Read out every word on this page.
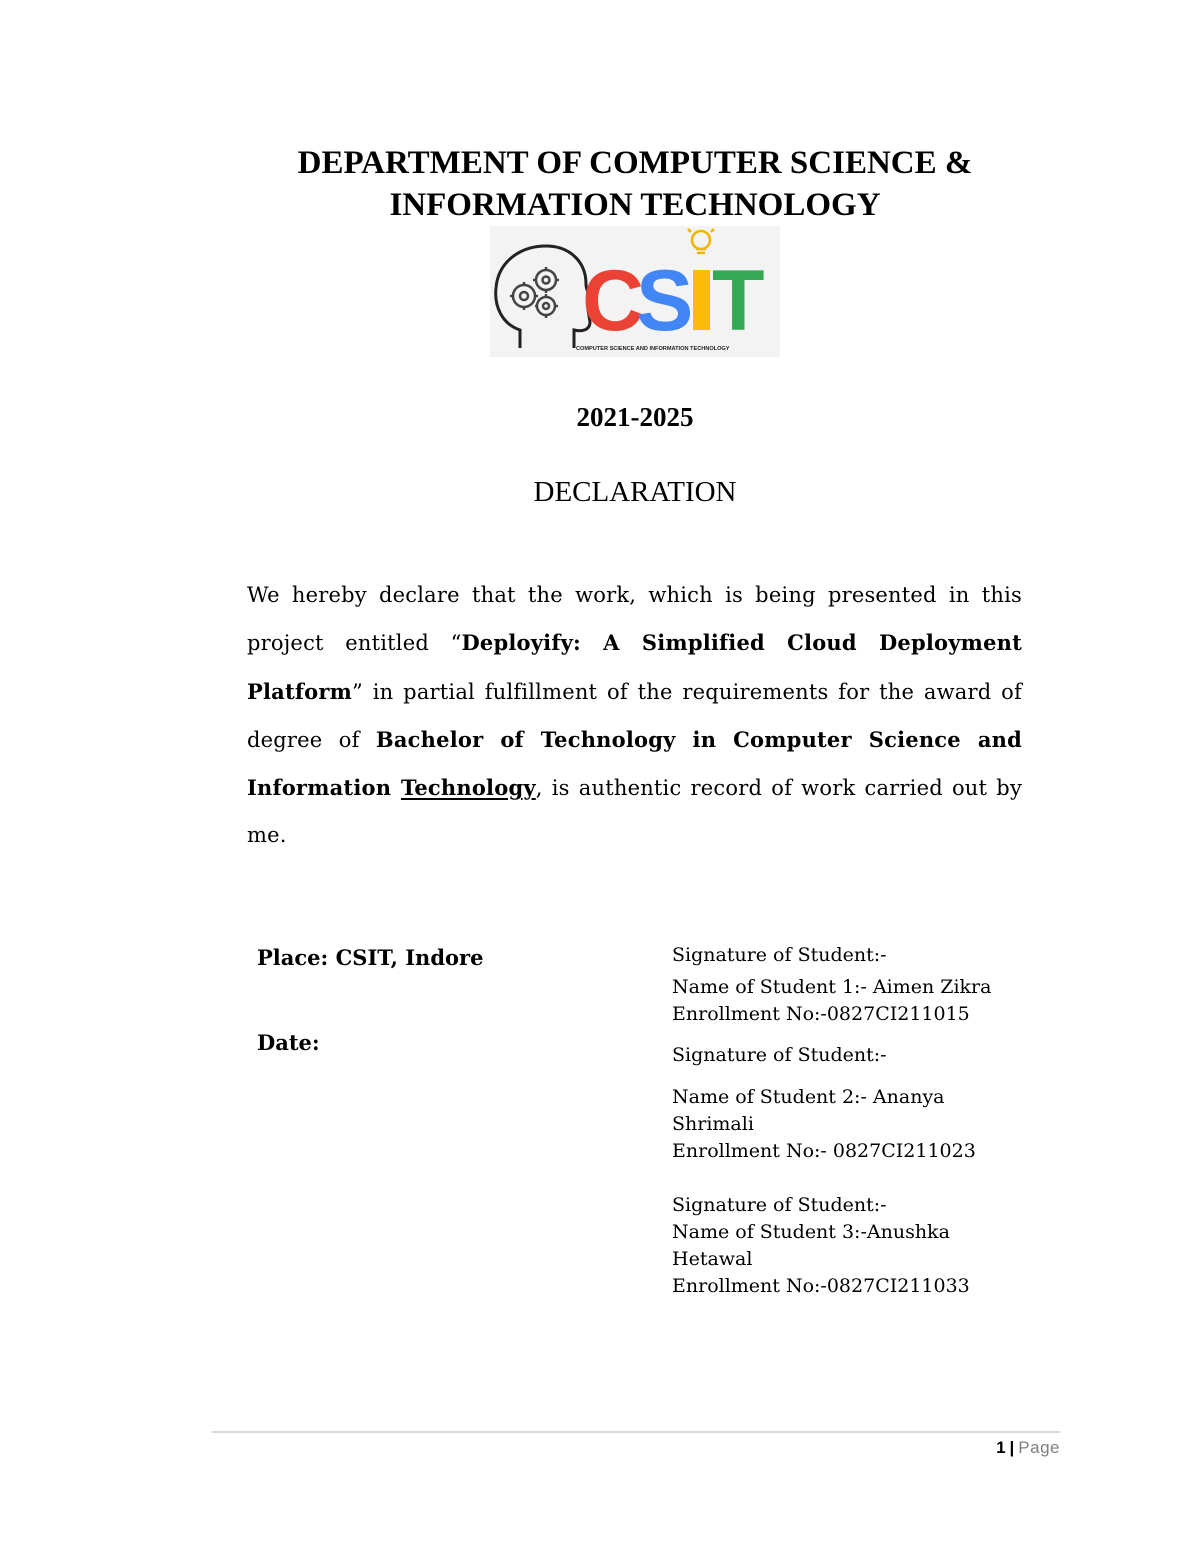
DEPARTMENT OF COMPUTER SCIENCE &
INFORMATION TECHNOLOGY
C
S T
COMPUTER SCIENCE AND INFORMATION TECHNOLOGY
2021-2025
DECLARATION
We hereby declare that the work, which is being presented in this project entitled “Deployify: A Simplified Cloud Deployment Platform” in partial fulfillment of the requirements for the award of degree of Bachelor of Technology in Computer Science and Information Technology, is authentic record of work carried out by me.
Place: CSIT, Indore
Date:
Signature of Student:-
Name of Student 1:- Aimen Zikra
Enrollment No:-0827CI211015
Signature of Student:-
Name of Student 2:- Ananya
Shrimali
Enrollment No:- 0827CI211023
Signature of Student:-
Name of Student 3:-Anushka
Hetawal
Enrollment No:-0827CI211033
1 | Page
